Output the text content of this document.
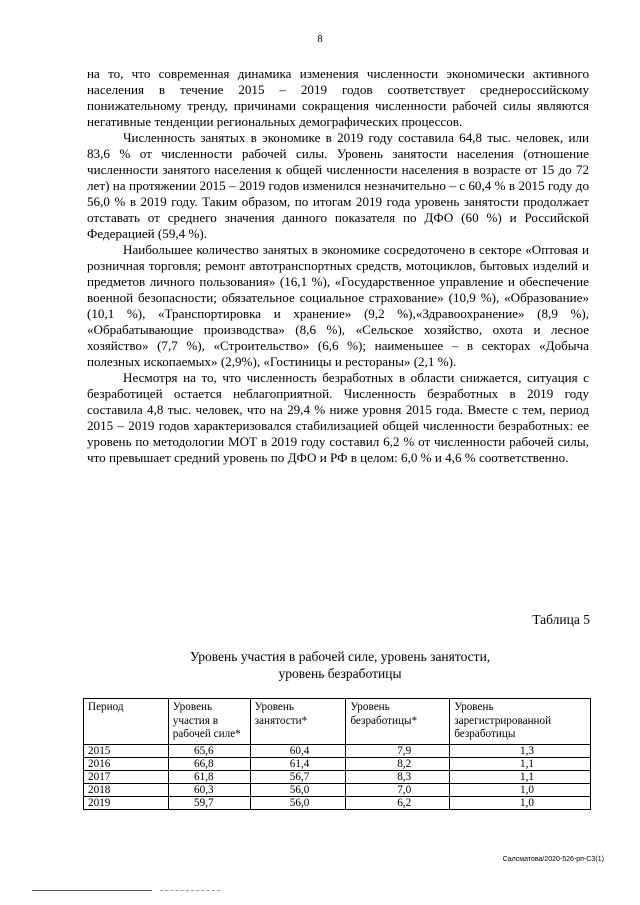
8

на то, что современная динамика изменения численности экономически активного населения в течение 2015 – 2019 годов соответствует среднероссийскому понижательному тренду, причинами сокращения численности рабочей силы являются негативные тенденции региональных демографических процессов.

Численность занятых в экономике в 2019 году составила 64,8 тыс. человек, или 83,6 % от численности рабочей силы. Уровень занятости населения (отношение численности занятого населения к общей численности населения в возрасте от 15 до 72 лет) на протяжении 2015 – 2019 годов изменился незначительно – с 60,4 % в 2015 году до 56,0 % в 2019 году. Таким образом, по итогам 2019 года уровень занятости продолжает отставать от среднего значения данного показателя по ДФО (60 %) и Российской Федерацией (59,4 %).

Наибольшее количество занятых в экономике сосредоточено в секторе «Оптовая и розничная торговля; ремонт автотранспортных средств, мотоциклов, бытовых изделий и предметов личного пользования» (16,1 %), «Государственное управление и обеспечение военной безопасности; обязательное социальное страхование» (10,9 %), «Образование» (10,1 %), «Транспортировка и хранение» (9,2 %),«Здравоохранение» (8,9 %), «Обрабатывающие производства» (8,6 %), «Сельское хозяйство, охота и лесное хозяйство» (7,7 %), «Строительство» (6,6 %); наименьшее – в секторах «Добыча полезных ископаемых» (2,9%), «Гостиницы и рестораны» (2,1 %).

Несмотря на то, что численность безработных в области снижается, ситуация с безработицей остается неблагоприятной. Численность безработных в 2019 году составила 4,8 тыс. человек, что на 29,4 % ниже уровня 2015 года. Вместе с тем, период 2015 – 2019 годов характеризовался стабилизацией общей численности безработных: ее уровень по методологии МОТ в 2019 году составил 6,2 % от численности рабочей силы, что превышает средний уровень по ДФО и РФ в целом: 6,0 % и 4,6 % соответственно.

Таблица 5
Уровень участия в рабочей силе, уровень занятости,
уровень безработицы
Период	Уровень участия в рабочей силе*	Уровень занятости*	Уровень безработицы*	Уровень зарегистрированной безработицы
2015	65,6	60,4	7,9	1,3
2016	66,8	61,4	8,2	1,1
2017	61,8	56,7	8,3	1,1
2018	60,3	56,0	7,0	1,0
2019	59,7	56,0	6,2	1,0
Салсматова/2020-526-рп-СЗ(1)
